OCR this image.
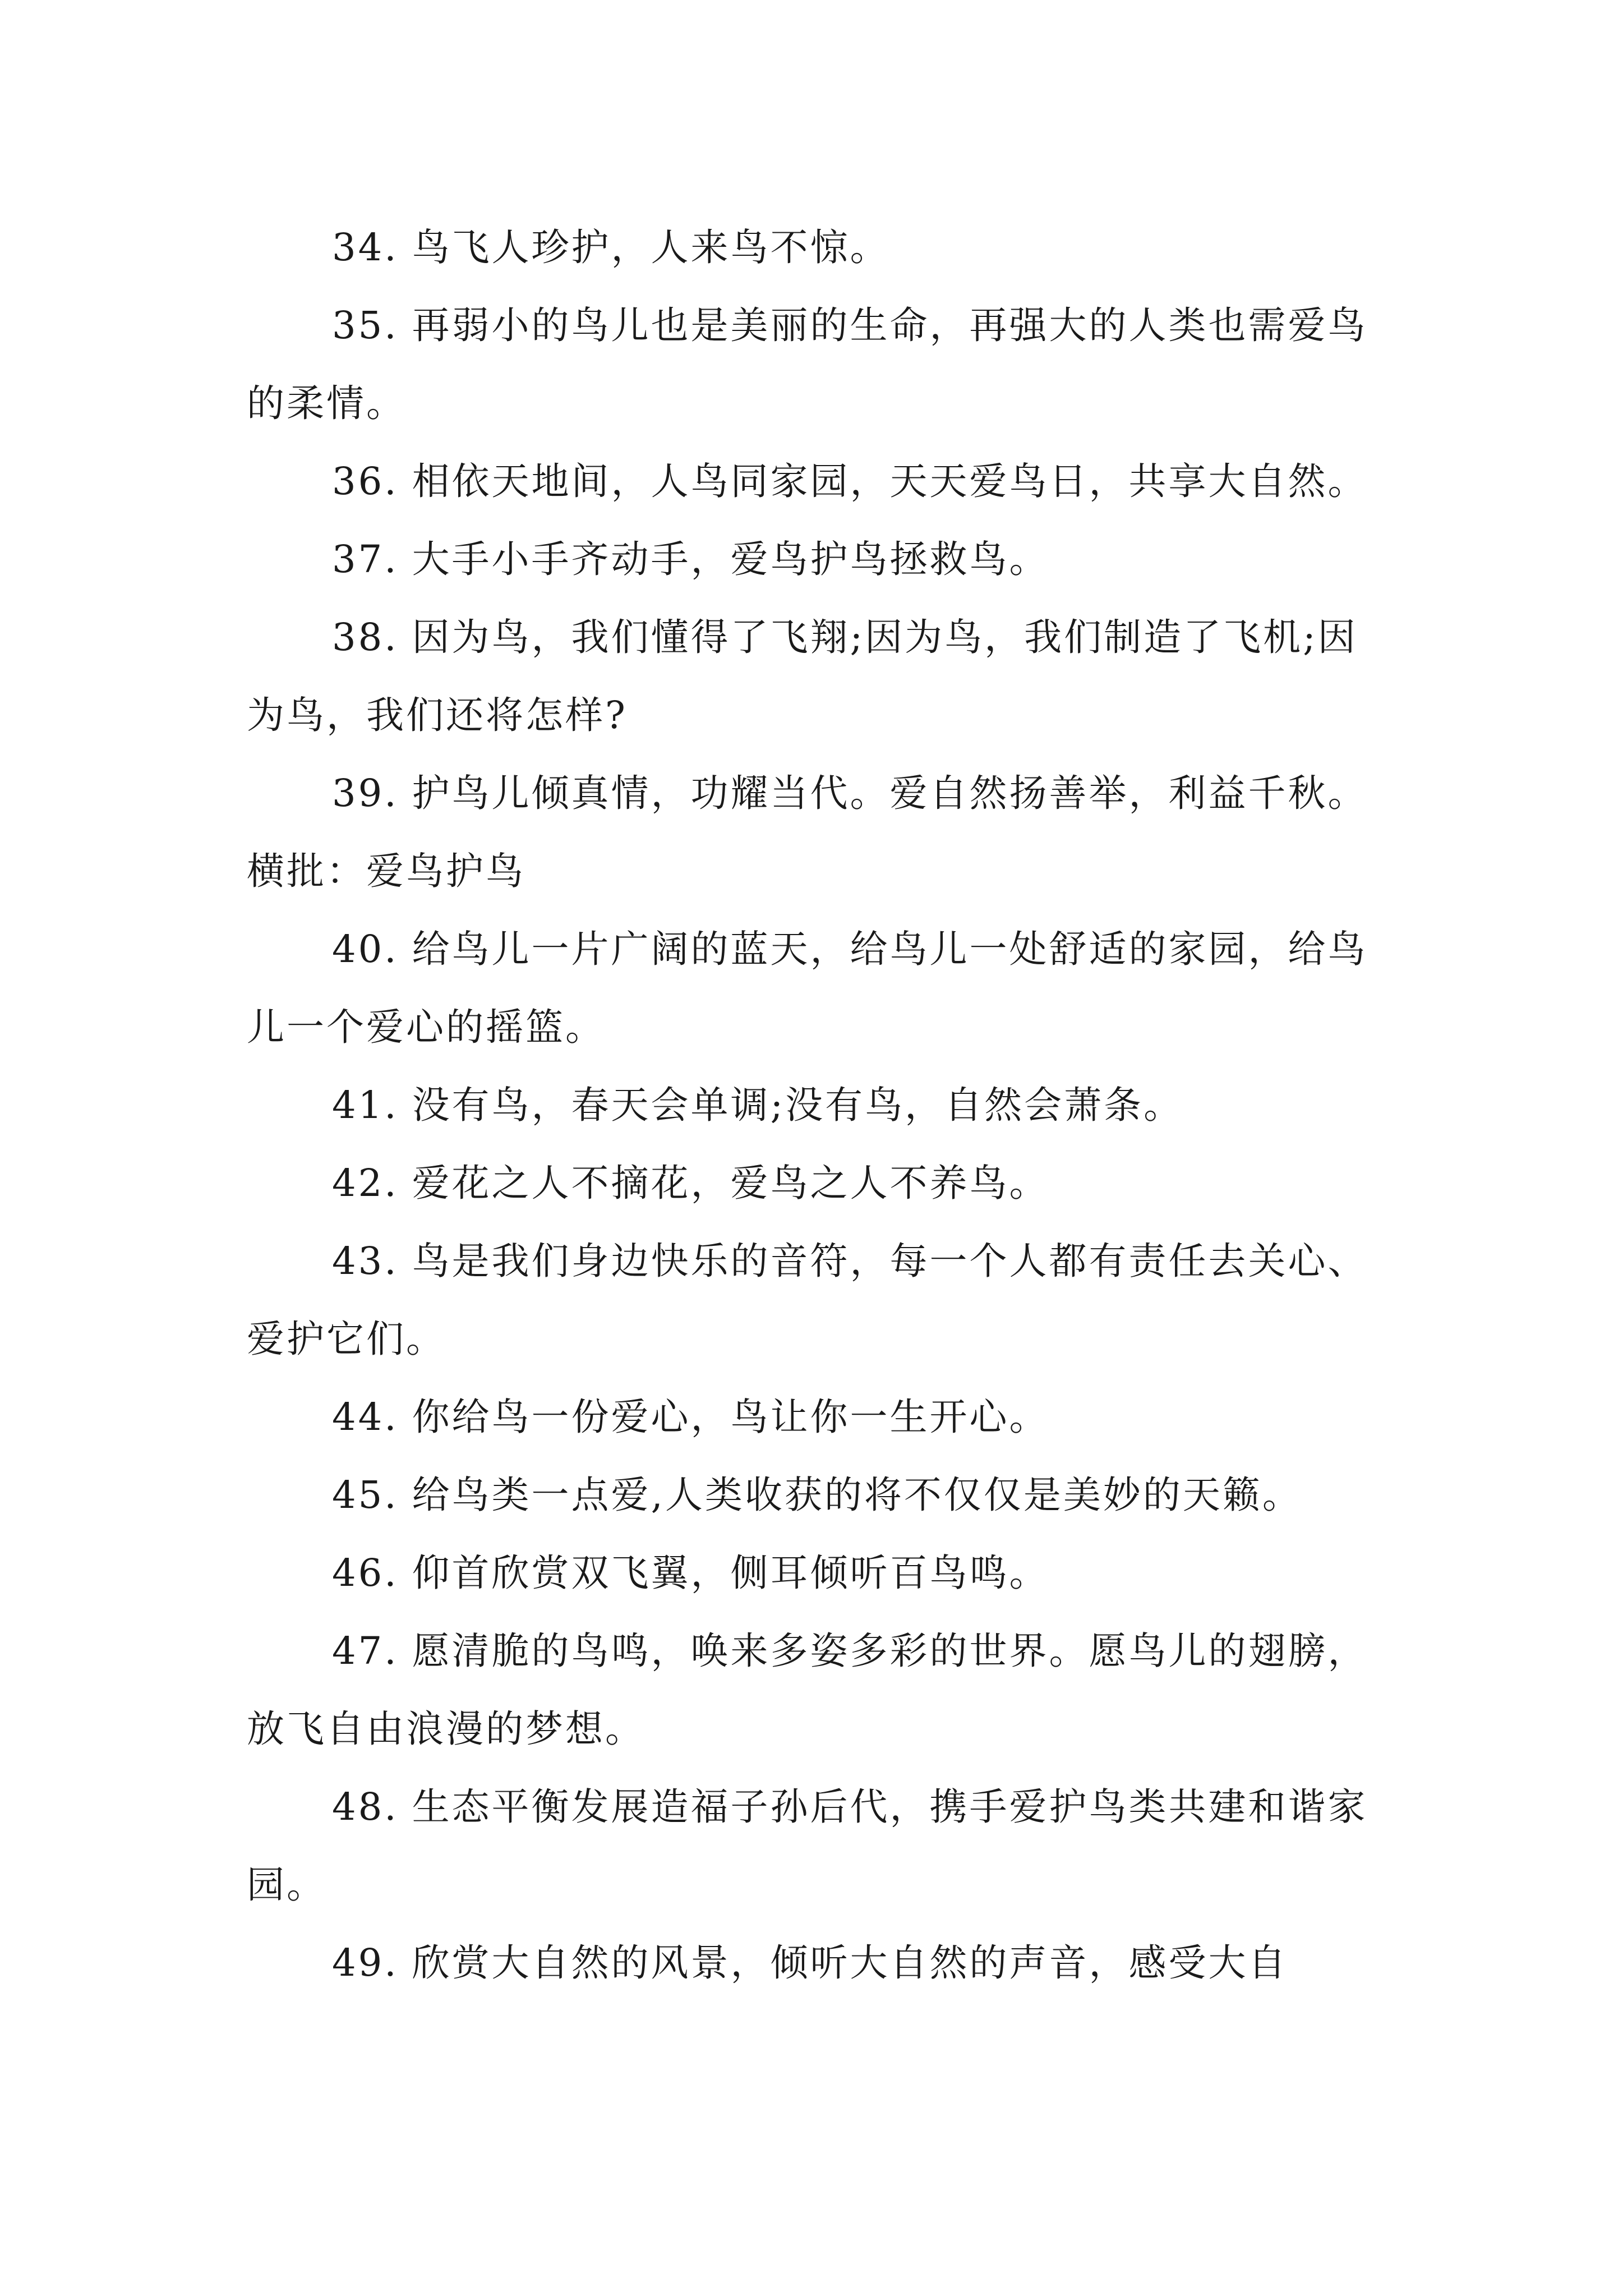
34. 鸟飞人珍护，人来鸟不惊。

35. 再弱小的鸟儿也是美丽的生命，再强大的人类也需爱鸟的柔情。

36. 相依天地间，人鸟同家园，天天爱鸟日，共享大自然。

37. 大手小手齐动手，爱鸟护鸟拯救鸟。

38. 因为鸟，我们懂得了飞翔;因为鸟，我们制造了飞机;因为鸟，我们还将怎样?

39. 护鸟儿倾真情，功耀当代。爱自然扬善举，利益千秋。横批：爱鸟护鸟

40. 给鸟儿一片广阔的蓝天，给鸟儿一处舒适的家园，给鸟儿一个爱心的摇篮。

41. 没有鸟，春天会单调;没有鸟，自然会萧条。

42. 爱花之人不摘花，爱鸟之人不养鸟。

43. 鸟是我们身边快乐的音符，每一个人都有责任去关心、爱护它们。

44. 你给鸟一份爱心，鸟让你一生开心。

45. 给鸟类一点爱,人类收获的将不仅仅是美妙的天籁。

46. 仰首欣赏双飞翼，侧耳倾听百鸟鸣。

47. 愿清脆的鸟鸣，唤来多姿多彩的世界。愿鸟儿的翅膀，放飞自由浪漫的梦想。

48. 生态平衡发展造福子孙后代，携手爱护鸟类共建和谐家园。

49. 欣赏大自然的风景，倾听大自然的声音，感受大自
